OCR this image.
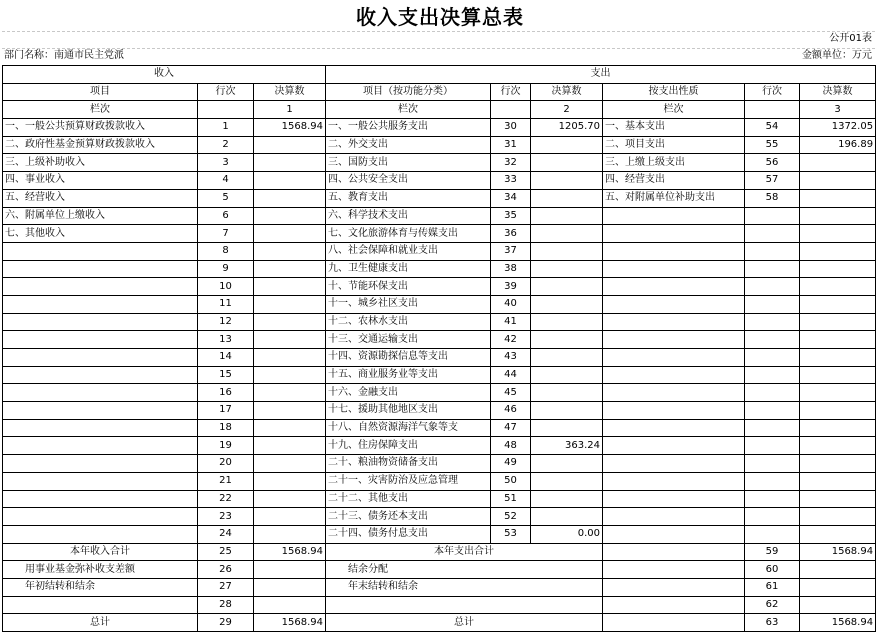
收入支出决算总表
公开01表
部门名称：南通市民主党派	金额单位：万元
收入			支出					
项目	行次	决算数	项目（按功能分类）	行次	决算数	按支出性质	行次	决算数
栏次		1	栏次		2	栏次		3
一、一般公共预算财政拨款收入	1	1568.94	一、一般公共服务支出	30	1205.70	一、基本支出	54	1372.05
二、政府性基金预算财政拨款收入	2		二、外交支出	31		二、项目支出	55	196.89
三、上级补助收入	3		三、国防支出	32		三、上缴上级支出	56	
四、事业收入	4		四、公共安全支出	33		四、经营支出	57	
五、经营收入	5		五、教育支出	34		五、对附属单位补助支出	58	
六、附属单位上缴收入	6		六、科学技术支出	35				
七、其他收入	7		七、文化旅游体育与传媒支出	36				
	8		八、社会保障和就业支出	37				
	9		九、卫生健康支出	38				
	10		十、节能环保支出	39				
	11		十一、城乡社区支出	40				
	12		十二、农林水支出	41				
	13		十三、交通运输支出	42				
	14		十四、资源勘探信息等支出	43				
	15		十五、商业服务业等支出	44				
	16		十六、金融支出	45				
	17		十七、援助其他地区支出	46				
	18		十八、自然资源海洋气象等支	47				
	19		十九、住房保障支出	48	363.24			
	20		二十、粮油物资储备支出	49				
	21		二十一、灾害防治及应急管理	50				
	22		二十二、其他支出	51				
	23		二十三、债务还本支出	52				
	24		二十四、债务付息支出	53	0.00			
本年收入合计	25	1568.94	本年支出合计				59	1568.94
用事业基金弥补收支差额	26		结余分配				60	
年初结转和结余	27		年末结转和结余				61	
	28						62	
总计	29	1568.94	总计				63	1568.94
